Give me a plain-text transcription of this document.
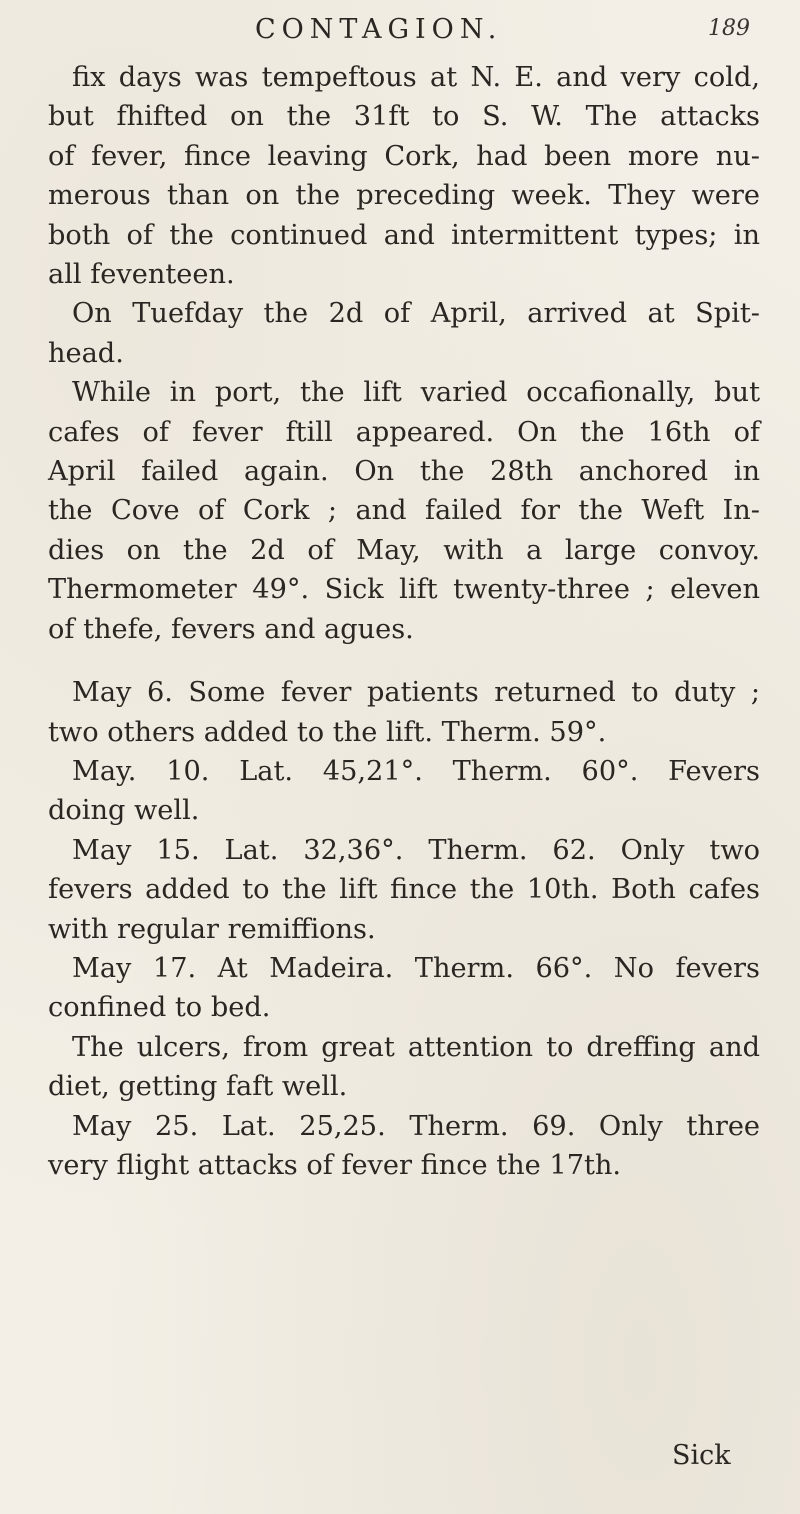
CONTAGION.	189
fix days was tempeftous at N. E. and very cold,
but fhifted on the 31ft to S. W. The attacks
of fever, fince leaving Cork, had been more nu-
merous than on the preceding week. They were
both of the continued and intermittent types; in
all feventeen.
On Tuefday the 2d of April, arrived at Spit-
head.
While in port, the lift varied occafionally, but
cafes of fever ftill appeared. On the 16th of
April failed again. On the 28th anchored in
the Cove of Cork ; and failed for the Weft In-
dies on the 2d of May, with a large convoy.
Thermometer 49°. Sick lift twenty-three ; eleven
of thefe, fevers and agues.
May 6. Some fever patients returned to duty ;
two others added to the lift. Therm. 59°.
May. 10. Lat. 45,21°. Therm. 60°. Fevers
doing well.
May 15. Lat. 32,36°. Therm. 62. Only two
fevers added to the lift fince the 10th. Both cafes
with regular remiffions.
May 17. At Madeira. Therm. 66°. No fevers
confined to bed.
The ulcers, from great attention to dreffing and
diet, getting faft well.
May 25. Lat. 25,25. Therm. 69. Only three
very flight attacks of fever fince the 17th.
Sick
